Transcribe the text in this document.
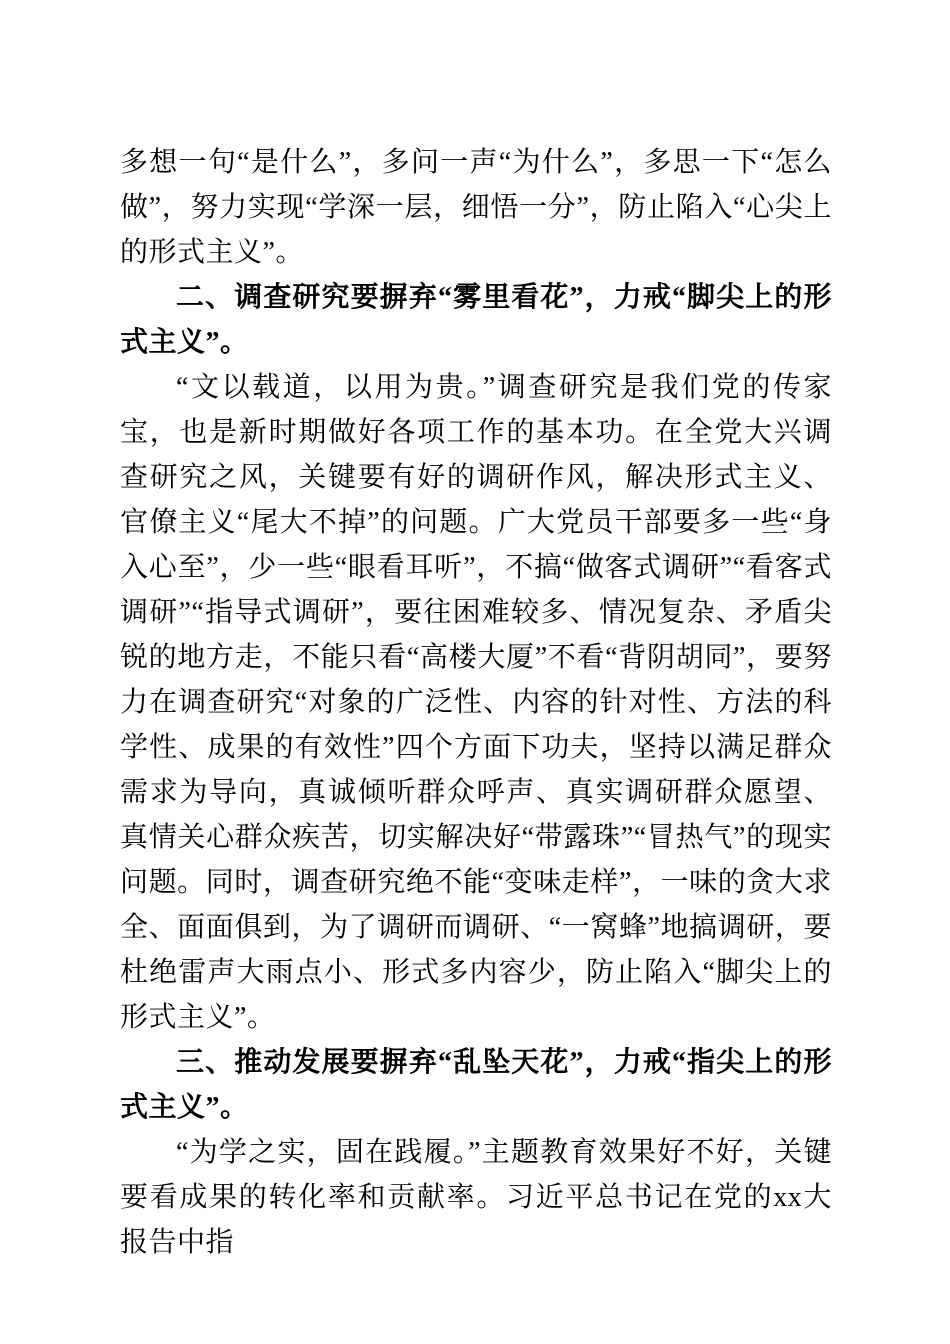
多想一句“是什么”，多问一声“为什么”，多思一下“怎么做”，努力实现“学深一层，细悟一分”，防止陷入“心尖上的形式主义”。

二、调查研究要摒弃“雾里看花”，力戒“脚尖上的形式主义”。

“文以载道，以用为贵。”调查研究是我们党的传家宝，也是新时期做好各项工作的基本功。在全党大兴调查研究之风，关键要有好的调研作风，解决形式主义、官僚主义“尾大不掉”的问题。广大党员干部要多一些“身入心至”，少一些“眼看耳听”，不搞“做客式调研”“看客式调研”“指导式调研”，要往困难较多、情况复杂、矛盾尖锐的地方走，不能只看“高楼大厦”不看“背阴胡同”，要努力在调查研究“对象的广泛性、内容的针对性、方法的科学性、成果的有效性”四个方面下功夫，坚持以满足群众需求为导向，真诚倾听群众呼声、真实调研群众愿望、真情关心群众疾苦，切实解决好“带露珠”“冒热气”的现实问题。同时，调查研究绝不能“变味走样”，一味的贪大求全、面面俱到，为了调研而调研、“一窝蜂”地搞调研，要杜绝雷声大雨点小、形式多内容少，防止陷入“脚尖上的形式主义”。

三、推动发展要摒弃“乱坠天花”，力戒“指尖上的形式主义”。

“为学之实，固在践履。”主题教育效果好不好，关键要看成果的转化率和贡献率。习近平总书记在党的xx大报告中指
